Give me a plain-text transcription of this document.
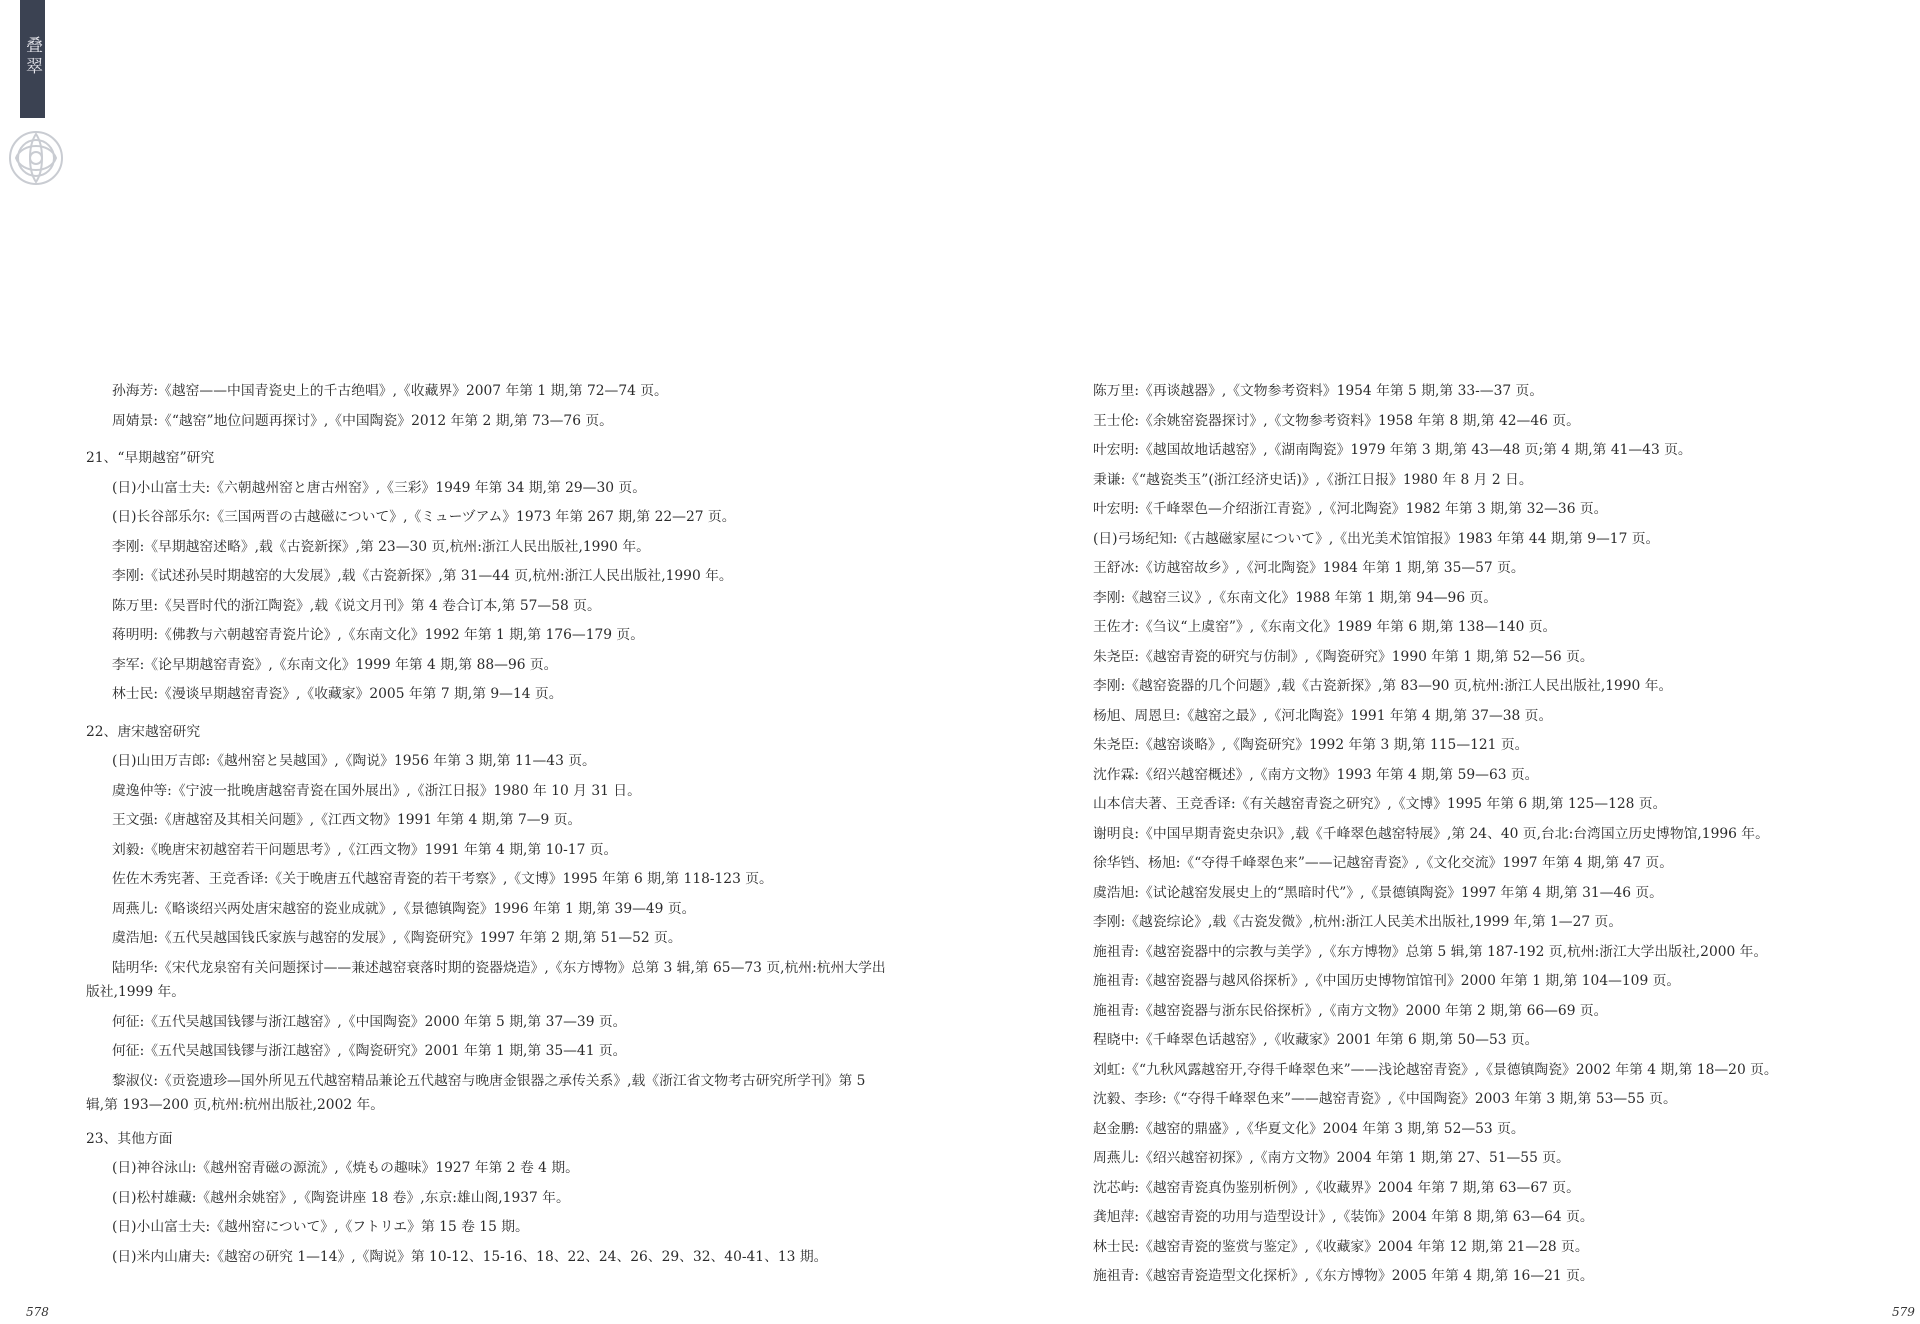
叠翠
孙海芳:《越窑——中国青瓷史上的千古绝唱》,《收藏界》2007 年第 1 期,第 72—74 页。
周婧景:《“越窑”地位问题再探讨》,《中国陶瓷》2012 年第 2 期,第 73—76 页。
21、“早期越窑”研究
(日)小山富士夫:《六朝越州窑と唐古州窑》,《三彩》1949 年第 34 期,第 29—30 页。
(日)长谷部乐尔:《三国两晋の古越磁について》,《ミューヅアム》1973 年第 267 期,第 22—27 页。
李刚:《早期越窑述略》,载《古瓷新探》,第 23—30 页,杭州:浙江人民出版社,1990 年。
李刚:《试述孙吴时期越窑的大发展》,载《古瓷新探》,第 31—44 页,杭州:浙江人民出版社,1990 年。
陈万里:《吴晋时代的浙江陶瓷》,载《说文月刊》第 4 卷合订本,第 57—58 页。
蒋明明:《佛教与六朝越窑青瓷片论》,《东南文化》1992 年第 1 期,第 176—179 页。
李军:《论早期越窑青瓷》,《东南文化》1999 年第 4 期,第 88—96 页。
林士民:《漫谈早期越窑青瓷》,《收藏家》2005 年第 7 期,第 9—14 页。
22、唐宋越窑研究
(日)山田万吉郎:《越州窑と吴越国》,《陶说》1956 年第 3 期,第 11—43 页。
虞逸仲等:《宁波一批晚唐越窑青瓷在国外展出》,《浙江日报》1980 年 10 月 31 日。
王文强:《唐越窑及其相关问题》,《江西文物》1991 年第 4 期,第 7—9 页。
刘毅:《晚唐宋初越窑若干问题思考》,《江西文物》1991 年第 4 期,第 10-17 页。
佐佐木秀宪著、王竞香译:《关于晚唐五代越窑青瓷的若干考察》,《文博》1995 年第 6 期,第 118-123 页。
周燕儿:《略谈绍兴两处唐宋越窑的瓷业成就》,《景德镇陶瓷》1996 年第 1 期,第 39—49 页。
虞浩旭:《五代吴越国钱氏家族与越窑的发展》,《陶瓷研究》1997 年第 2 期,第 51—52 页。
陆明华:《宋代龙泉窑有关问题探讨——兼述越窑衰落时期的瓷器烧造》,《东方博物》总第 3 辑,第 65—73 页,杭州:杭州大学出版社,1999 年。
何征:《五代吴越国钱镠与浙江越窑》,《中国陶瓷》2000 年第 5 期,第 37—39 页。
何征:《五代吴越国钱镠与浙江越窑》,《陶瓷研究》2001 年第 1 期,第 35—41 页。
黎淑仪:《贡瓷遗珍—国外所见五代越窑精品兼论五代越窑与晚唐金银器之承传关系》,载《浙江省文物考古研究所学刊》第 5 辑,第 193—200 页,杭州:杭州出版社,2002 年。
23、其他方面
(日)神谷泳山:《越州窑青磁の源流》,《焼もの趣味》1927 年第 2 卷 4 期。
(日)松村雄藏:《越州余姚窑》,《陶瓷讲座 18 卷》,东京:雄山阁,1937 年。
(日)小山富士夫:《越州窑について》,《フトリエ》第 15 卷 15 期。
(日)米内山庸夫:《越窑の研究 1—14》,《陶说》第 10-12、15-16、18、22、24、26、29、32、40-41、13 期。
陈万里:《再谈越器》,《文物参考资料》1954 年第 5 期,第 33-—37 页。
王士伦:《余姚窑瓷器探讨》,《文物参考资料》1958 年第 8 期,第 42—46 页。
叶宏明:《越国故地话越窑》,《湖南陶瓷》1979 年第 3 期,第 43—48 页;第 4 期,第 41—43 页。
秉谦:《“越瓷类玉”(浙江经济史话)》,《浙江日报》1980 年 8 月 2 日。
叶宏明:《千峰翠色—介绍浙江青瓷》,《河北陶瓷》1982 年第 3 期,第 32—36 页。
(日)弓场纪知:《古越磁家屋について》,《出光美术馆馆报》1983 年第 44 期,第 9—17 页。
王舒冰:《访越窑故乡》,《河北陶瓷》1984 年第 1 期,第 35—57 页。
李刚:《越窑三议》,《东南文化》1988 年第 1 期,第 94—96 页。
王佐才:《刍议“上虞窑”》,《东南文化》1989 年第 6 期,第 138—140 页。
朱尧臣:《越窑青瓷的研究与仿制》,《陶瓷研究》1990 年第 1 期,第 52—56 页。
李刚:《越窑瓷器的几个问题》,载《古瓷新探》,第 83—90 页,杭州:浙江人民出版社,1990 年。
杨旭、周恩旦:《越窑之最》,《河北陶瓷》1991 年第 4 期,第 37—38 页。
朱尧臣:《越窑谈略》,《陶瓷研究》1992 年第 3 期,第 115—121 页。
沈作霖:《绍兴越窑概述》,《南方文物》1993 年第 4 期,第 59—63 页。
山本信夫著、王竞香译:《有关越窑青瓷之研究》,《文博》1995 年第 6 期,第 125—128 页。
谢明良:《中国早期青瓷史杂识》,载《千峰翠色越窑特展》,第 24、40 页,台北:台湾国立历史博物馆,1996 年。
徐华铛、杨旭:《“夺得千峰翠色来”——记越窑青瓷》,《文化交流》1997 年第 4 期,第 47 页。
虞浩旭:《试论越窑发展史上的“黑暗时代”》,《景德镇陶瓷》1997 年第 4 期,第 31—46 页。
李刚:《越瓷综论》,载《古瓷发微》,杭州:浙江人民美术出版社,1999 年,第 1—27 页。
施祖青:《越窑瓷器中的宗教与美学》,《东方博物》总第 5 辑,第 187-192 页,杭州:浙江大学出版社,2000 年。
施祖青:《越窑瓷器与越风俗探析》,《中国历史博物馆馆刊》2000 年第 1 期,第 104—109 页。
施祖青:《越窑瓷器与浙东民俗探析》,《南方文物》2000 年第 2 期,第 66—69 页。
程晓中:《千峰翠色话越窑》,《收藏家》2001 年第 6 期,第 50—53 页。
刘虹:《“九秋风露越窑开,夺得千峰翠色来”——浅论越窑青瓷》,《景德镇陶瓷》2002 年第 4 期,第 18—20 页。
沈毅、李珍:《“夺得千峰翠色来”——越窑青瓷》,《中国陶瓷》2003 年第 3 期,第 53—55 页。
赵金鹏:《越窑的鼎盛》,《华夏文化》2004 年第 3 期,第 52—53 页。
周燕儿:《绍兴越窑初探》,《南方文物》2004 年第 1 期,第 27、51—55 页。
沈芯屿:《越窑青瓷真伪鉴别析例》,《收藏界》2004 年第 7 期,第 63—67 页。
龚旭萍:《越窑青瓷的功用与造型设计》,《装饰》2004 年第 8 期,第 63—64 页。
林士民:《越窑青瓷的鉴赏与鉴定》,《收藏家》2004 年第 12 期,第 21—28 页。
施祖青:《越窑青瓷造型文化探析》,《东方博物》2005 年第 4 期,第 16—21 页。
578	579
